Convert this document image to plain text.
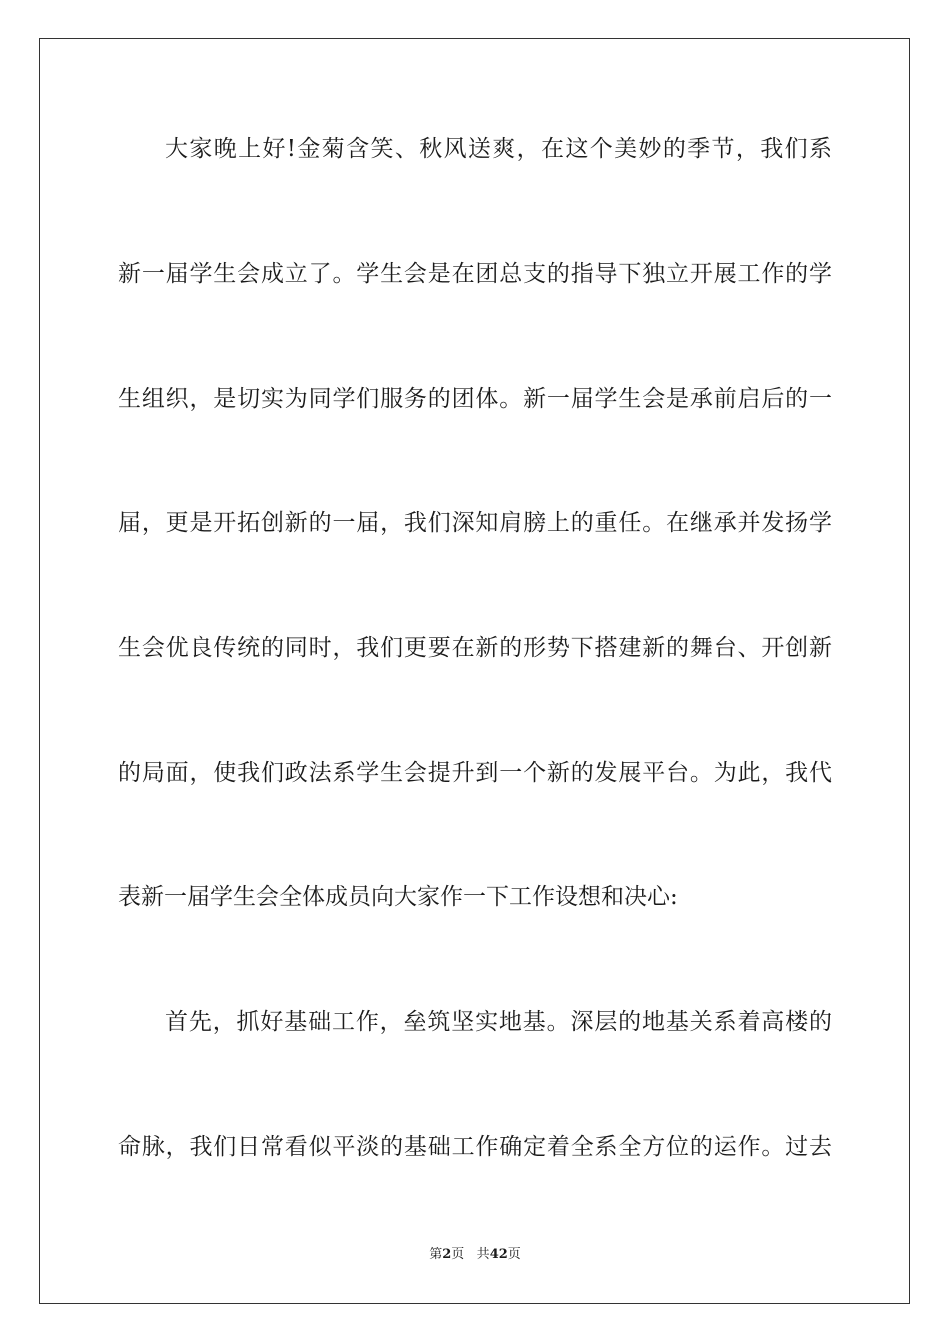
大家晚上好!金菊含笑、秋风送爽，在这个美妙的季节，我们系
新一届学生会成立了。学生会是在团总支的指导下独立开展工作的学
生组织，是切实为同学们服务的团体。新一届学生会是承前启后的一
届，更是开拓创新的一届，我们深知肩膀上的重任。在继承并发扬学
生会优良传统的同时，我们更要在新的形势下搭建新的舞台、开创新
的局面，使我们政法系学生会提升到一个新的发展平台。为此，我代
表新一届学生会全体成员向大家作一下工作设想和决心:
首先，抓好基础工作，垒筑坚实地基。深层的地基关系着高楼的
命脉，我们日常看似平淡的基础工作确定着全系全方位的运作。过去
第2页 共42页
